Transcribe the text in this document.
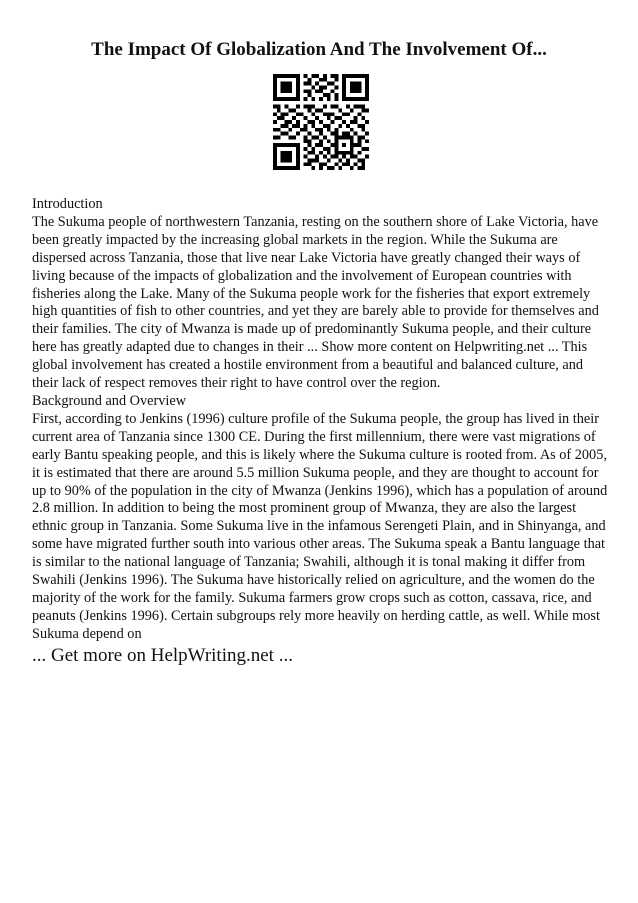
The Impact Of Globalization And The Involvement Of...

Introduction

The Sukuma people of northwestern Tanzania, resting on the southern shore of Lake Victoria, have been greatly impacted by the increasing global markets in the region. While the Sukuma are dispersed across Tanzania, those that live near Lake Victoria have greatly changed their ways of living because of the impacts of globalization and the involvement of European countries with fisheries along the Lake. Many of the Sukuma people work for the fisheries that export extremely high quantities of fish to other countries, and yet they are barely able to provide for themselves and their families. The city of Mwanza is made up of predominantly Sukuma people, and their culture here has greatly adapted due to changes in their ... Show more content on Helpwriting.net ... This global involvement has created a hostile environment from a beautiful and balanced culture, and their lack of respect removes their right to have control over the region.

Background and Overview

First, according to Jenkins (1996) culture profile of the Sukuma people, the group has lived in their current area of Tanzania since 1300 CE. During the first millennium, there were vast migrations of early Bantu speaking people, and this is likely where the Sukuma culture is rooted from. As of 2005, it is estimated that there are around 5.5 million Sukuma people, and they are thought to account for up to 90% of the population in the city of Mwanza (Jenkins 1996), which has a population of around 2.8 million. In addition to being the most prominent group of Mwanza, they are also the largest ethnic group in Tanzania. Some Sukuma live in the infamous Serengeti Plain, and in Shinyanga, and some have migrated further south into various other areas. The Sukuma speak a Bantu language that is similar to the national language of Tanzania; Swahili, although it is tonal making it differ from Swahili (Jenkins 1996). The Sukuma have historically relied on agriculture, and the women do the majority of the work for the family. Sukuma farmers grow crops such as cotton, cassava, rice, and peanuts (Jenkins 1996). Certain subgroups rely more heavily on herding cattle, as well. While most Sukuma depend on

... Get more on HelpWriting.net ...
